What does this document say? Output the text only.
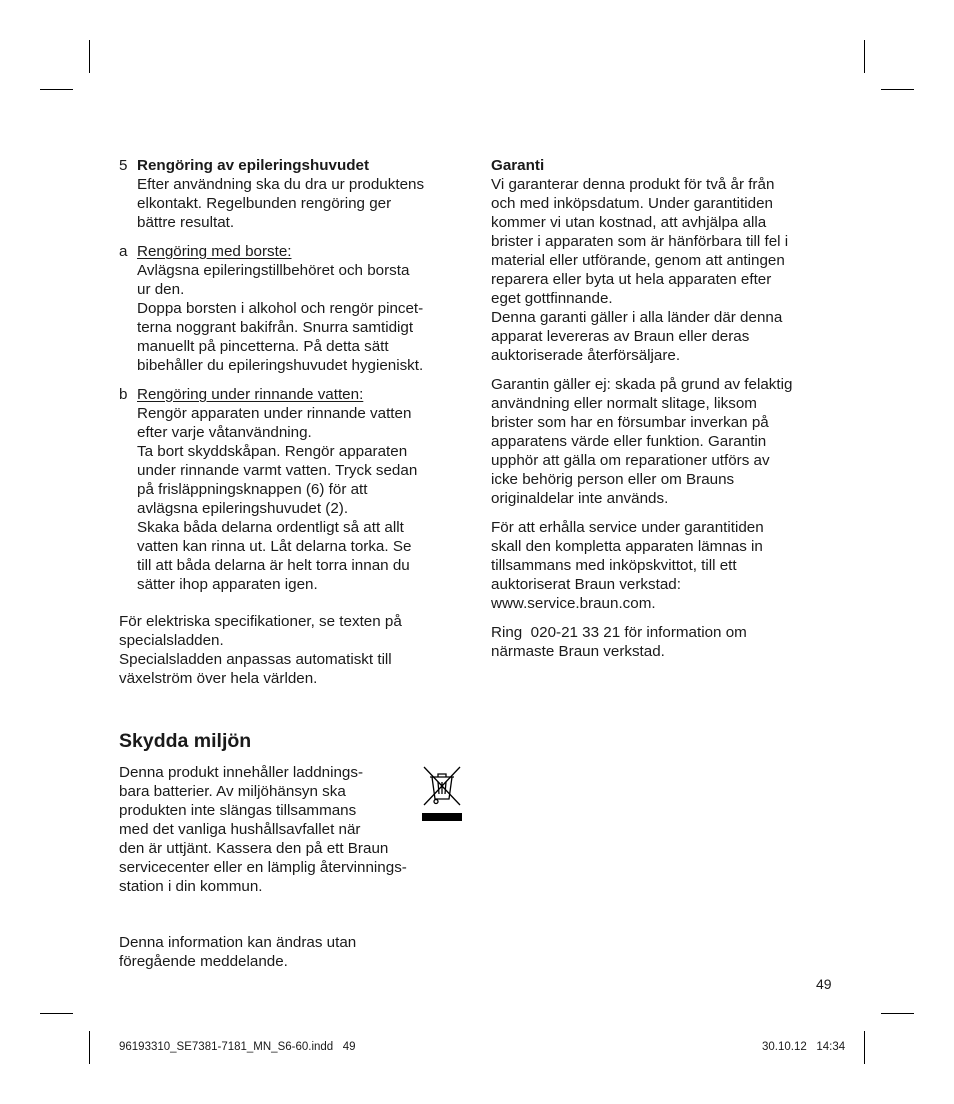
5 Rengöring av epileringshuvudet

Efter användning ska du dra ur produktens

elkontakt. Regelbunden rengöring ger

bättre resultat.

a Rengöring med borste:

Avlägsna epileringstillbehöret och borsta

ur den.

Doppa borsten i alkohol och rengör pincet-

terna noggrant bakifrån. Snurra samtidigt

manuellt på pincetterna. På detta sätt

bibehåller du epileringshuvudet hygieniskt.

b Rengöring under rinnande vatten:

Rengör apparaten under rinnande vatten

efter varje våtanvändning.

Ta bort skyddskåpan. Rengör apparaten

under rinnande varmt vatten. Tryck sedan

på frisläppningsknappen (6) för att

avlägsna epileringshuvudet (2).

Skaka båda delarna ordentligt så att allt

vatten kan rinna ut. Låt delarna torka. Se

till att båda delarna är helt torra innan du

sätter ihop apparaten igen.

För elektriska specifikationer, se texten på

specialsladden.

Specialsladden anpassas automatiskt till

växelström över hela världen.

Skydda miljön

Denna produkt innehåller laddnings-

bara batterier. Av miljöhänsyn ska

produkten inte slängas tillsammans

med det vanliga hushållsavfallet när

den är uttjänt. Kassera den på ett Braun

servicecenter eller en lämplig återvinnings-

station i din kommun.

Denna information kan ändras utan

föregående meddelande.

Garanti

Vi garanterar denna produkt för två år från

och med inköpsdatum. Under garantitiden

kommer vi utan kostnad, att avhjälpa alla

brister i apparaten som är hänförbara till fel i

material eller utförande, genom att antingen

reparera eller byta ut hela apparaten efter

eget gottfinnande.

Denna garanti gäller i alla länder där denna

apparat levereras av Braun eller deras

auktoriserade återförsäljare.

Garantin gäller ej: skada på grund av felaktig

användning eller normalt slitage, liksom

brister som har en försumbar inverkan på

apparatens värde eller funktion. Garantin

upphör att gälla om reparationer utförs av

icke behörig person eller om Brauns

originaldelar inte används.

För att erhålla service under garantitiden

skall den kompletta apparaten lämnas in

tillsammans med inköpskvittot, till ett

auktoriserat Braun verkstad:

www.service.braun.com.

Ring  020-21 33 21 för information om

närmaste Braun verkstad.

49
96193310_SE7381-7181_MN_S6-60.indd   49	30.10.12   14:34
